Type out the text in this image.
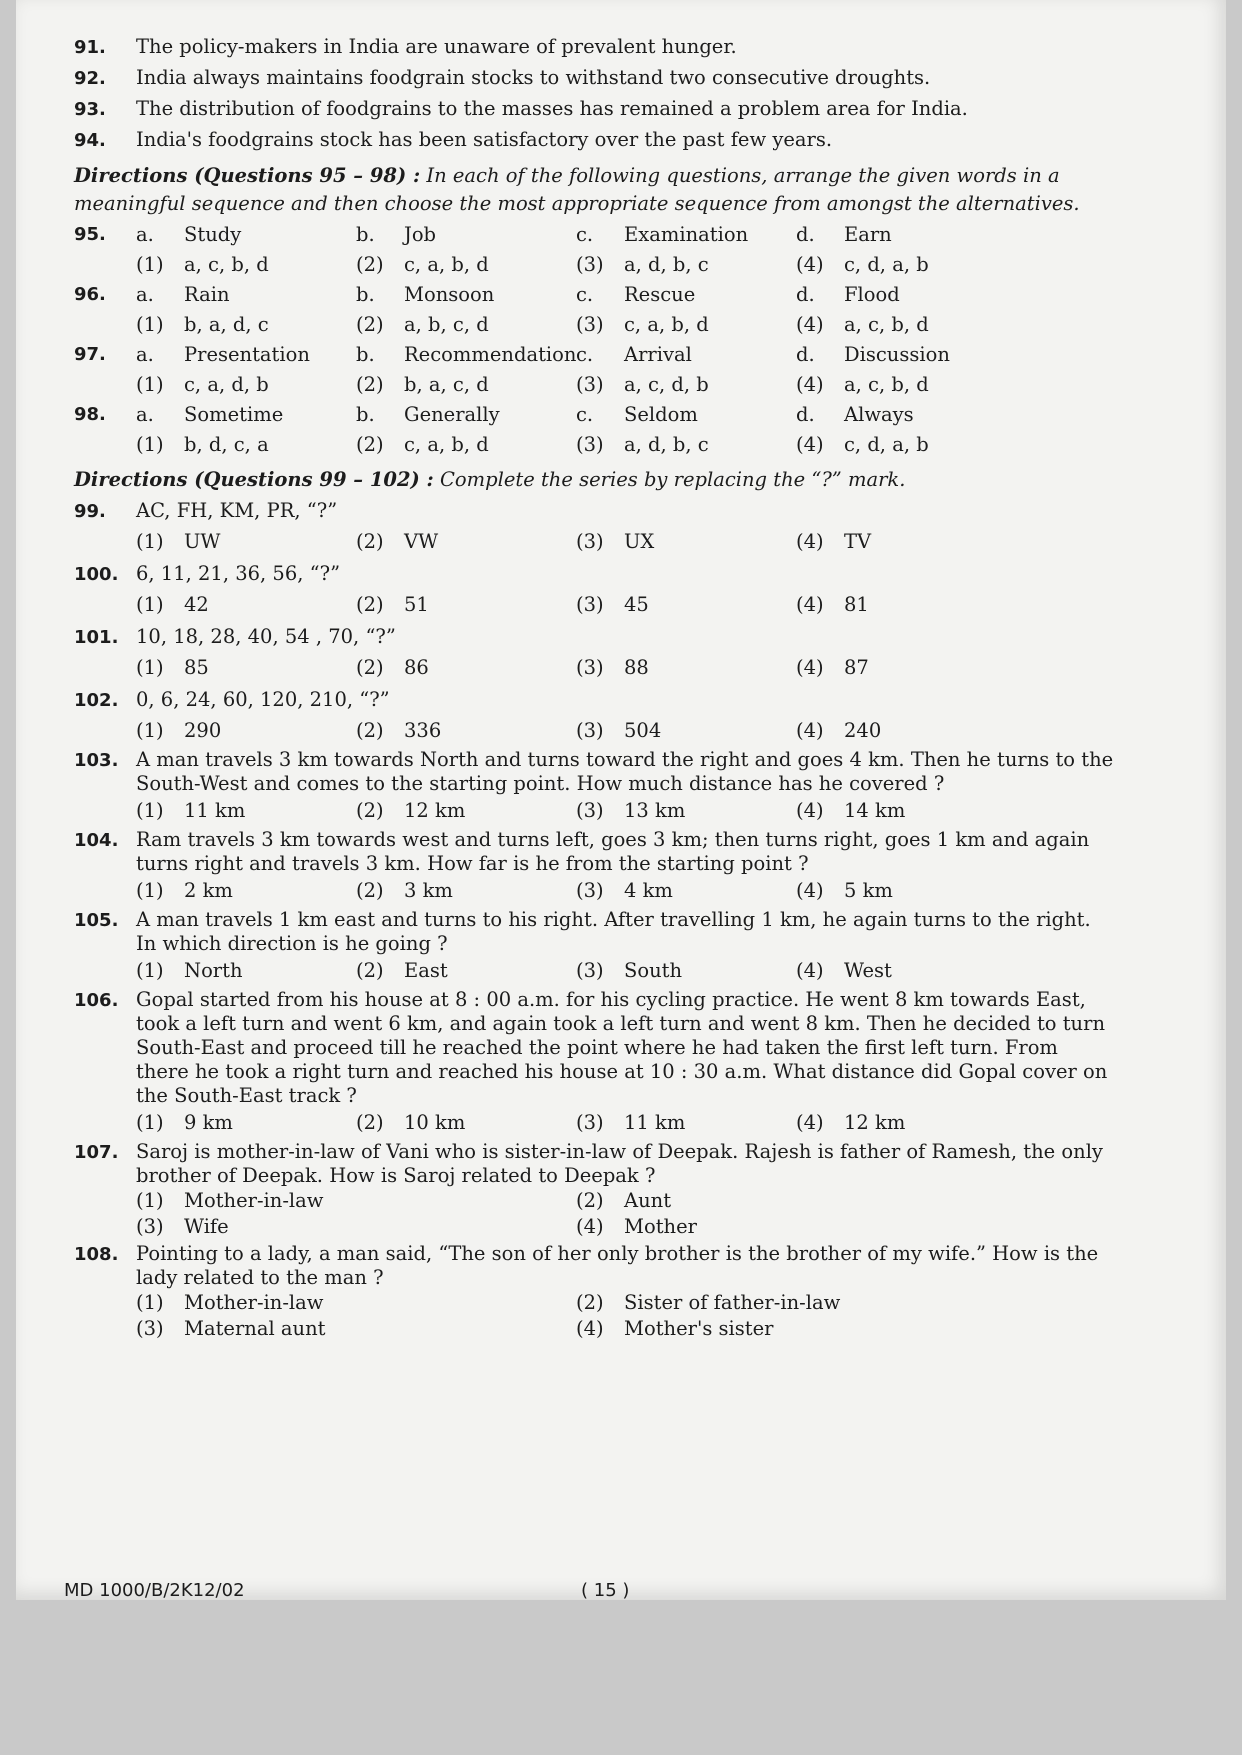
91.	The policy-makers in India are unaware of prevalent hunger.
92.	India always maintains foodgrain stocks to withstand two consecutive droughts.
93.	The distribution of foodgrains to the masses has remained a problem area for India.
94.	India's foodgrains stock has been satisfactory over the past few years.
Directions (Questions 95 – 98) : In each of the following questions, arrange the given words in a meaningful sequence and then choose the most appropriate sequence from amongst the alternatives.
95.	a.	Study	b.	Job	c.	Examination d.	Earn
(1)	a, c, b, d	(2)	c, a, b, d	(3)	a, d, b, c	(4)	c, d, a, b
96.	a.	Rain	b.	Monsoon	c.	Rescue	d.	Flood
(1)	b, a, d, c	(2)	a, b, c, d	(3)	c, a, b, d	(4)	a, c, b, d
97.	a.	Presentation b.	Recommendation c.	Arrival	d.	Discussion
(1)	c, a, d, b	(2)	b, a, c, d	(3)	a, c, d, b	(4)	a, c, b, d
98.	a.	Sometime	b.	Generally	c.	Seldom	d.	Always
(1)	b, d, c, a	(2)	c, a, b, d	(3)	a, d, b, c	(4)	c, d, a, b
Directions (Questions 99 – 102) : Complete the series by replacing the “?” mark.
99.	AC, FH, KM, PR, “?”
(1)	UW	(2)	VW	(3)	UX	(4)	TV
100. 6, 11, 21, 36, 56, “?”
(1)	42	(2)	51	(3)	45	(4)	81
101. 10, 18, 28, 40, 54 , 70, “?”
(1)	85	(2)	86	(3)	88	(4)	87
102. 0, 6, 24, 60, 120, 210, “?”
(1)	290	(2)	336	(3)	504	(4)	240
103. A man travels 3 km towards North and turns toward the right and goes 4 km. Then he turns to the South-West and comes to the starting point. How much distance has he covered ?
(1)	11 km	(2)	12 km	(3)	13 km	(4)	14 km
104. Ram travels 3 km towards west and turns left, goes 3 km; then turns right, goes 1 km and again turns right and travels 3 km. How far is he from the starting point ?
(1)	2 km	(2)	3 km	(3)	4 km	(4)	5 km
105. A man travels 1 km east and turns to his right. After travelling 1 km, he again turns to the right. In which direction is he going ?
(1)	North	(2)	East	(3)	South	(4)	West
106. Gopal started from his house at 8 : 00 a.m. for his cycling practice. He went 8 km towards East, took a left turn and went 6 km, and again took a left turn and went 8 km. Then he decided to turn South-East and proceed till he reached the point where he had taken the first left turn. From there he took a right turn and reached his house at 10 : 30 a.m. What distance did Gopal cover on the South-East track ?
(1)	9 km	(2)	10 km	(3)	11 km	(4)	12 km
107. Saroj is mother-in-law of Vani who is sister-in-law of Deepak. Rajesh is father of Ramesh, the only brother of Deepak. How is Saroj related to Deepak ?
(1)	Mother-in-law	(2)	Aunt
(3)	Wife	(4)	Mother
108. Pointing to a lady, a man said, “The son of her only brother is the brother of my wife.” How is the lady related to the man ?
(1)	Mother-in-law	(2)	Sister of father-in-law
(3)	Maternal aunt	(4)	Mother's sister
MD 1000/B/2K12/02	( 15 )
